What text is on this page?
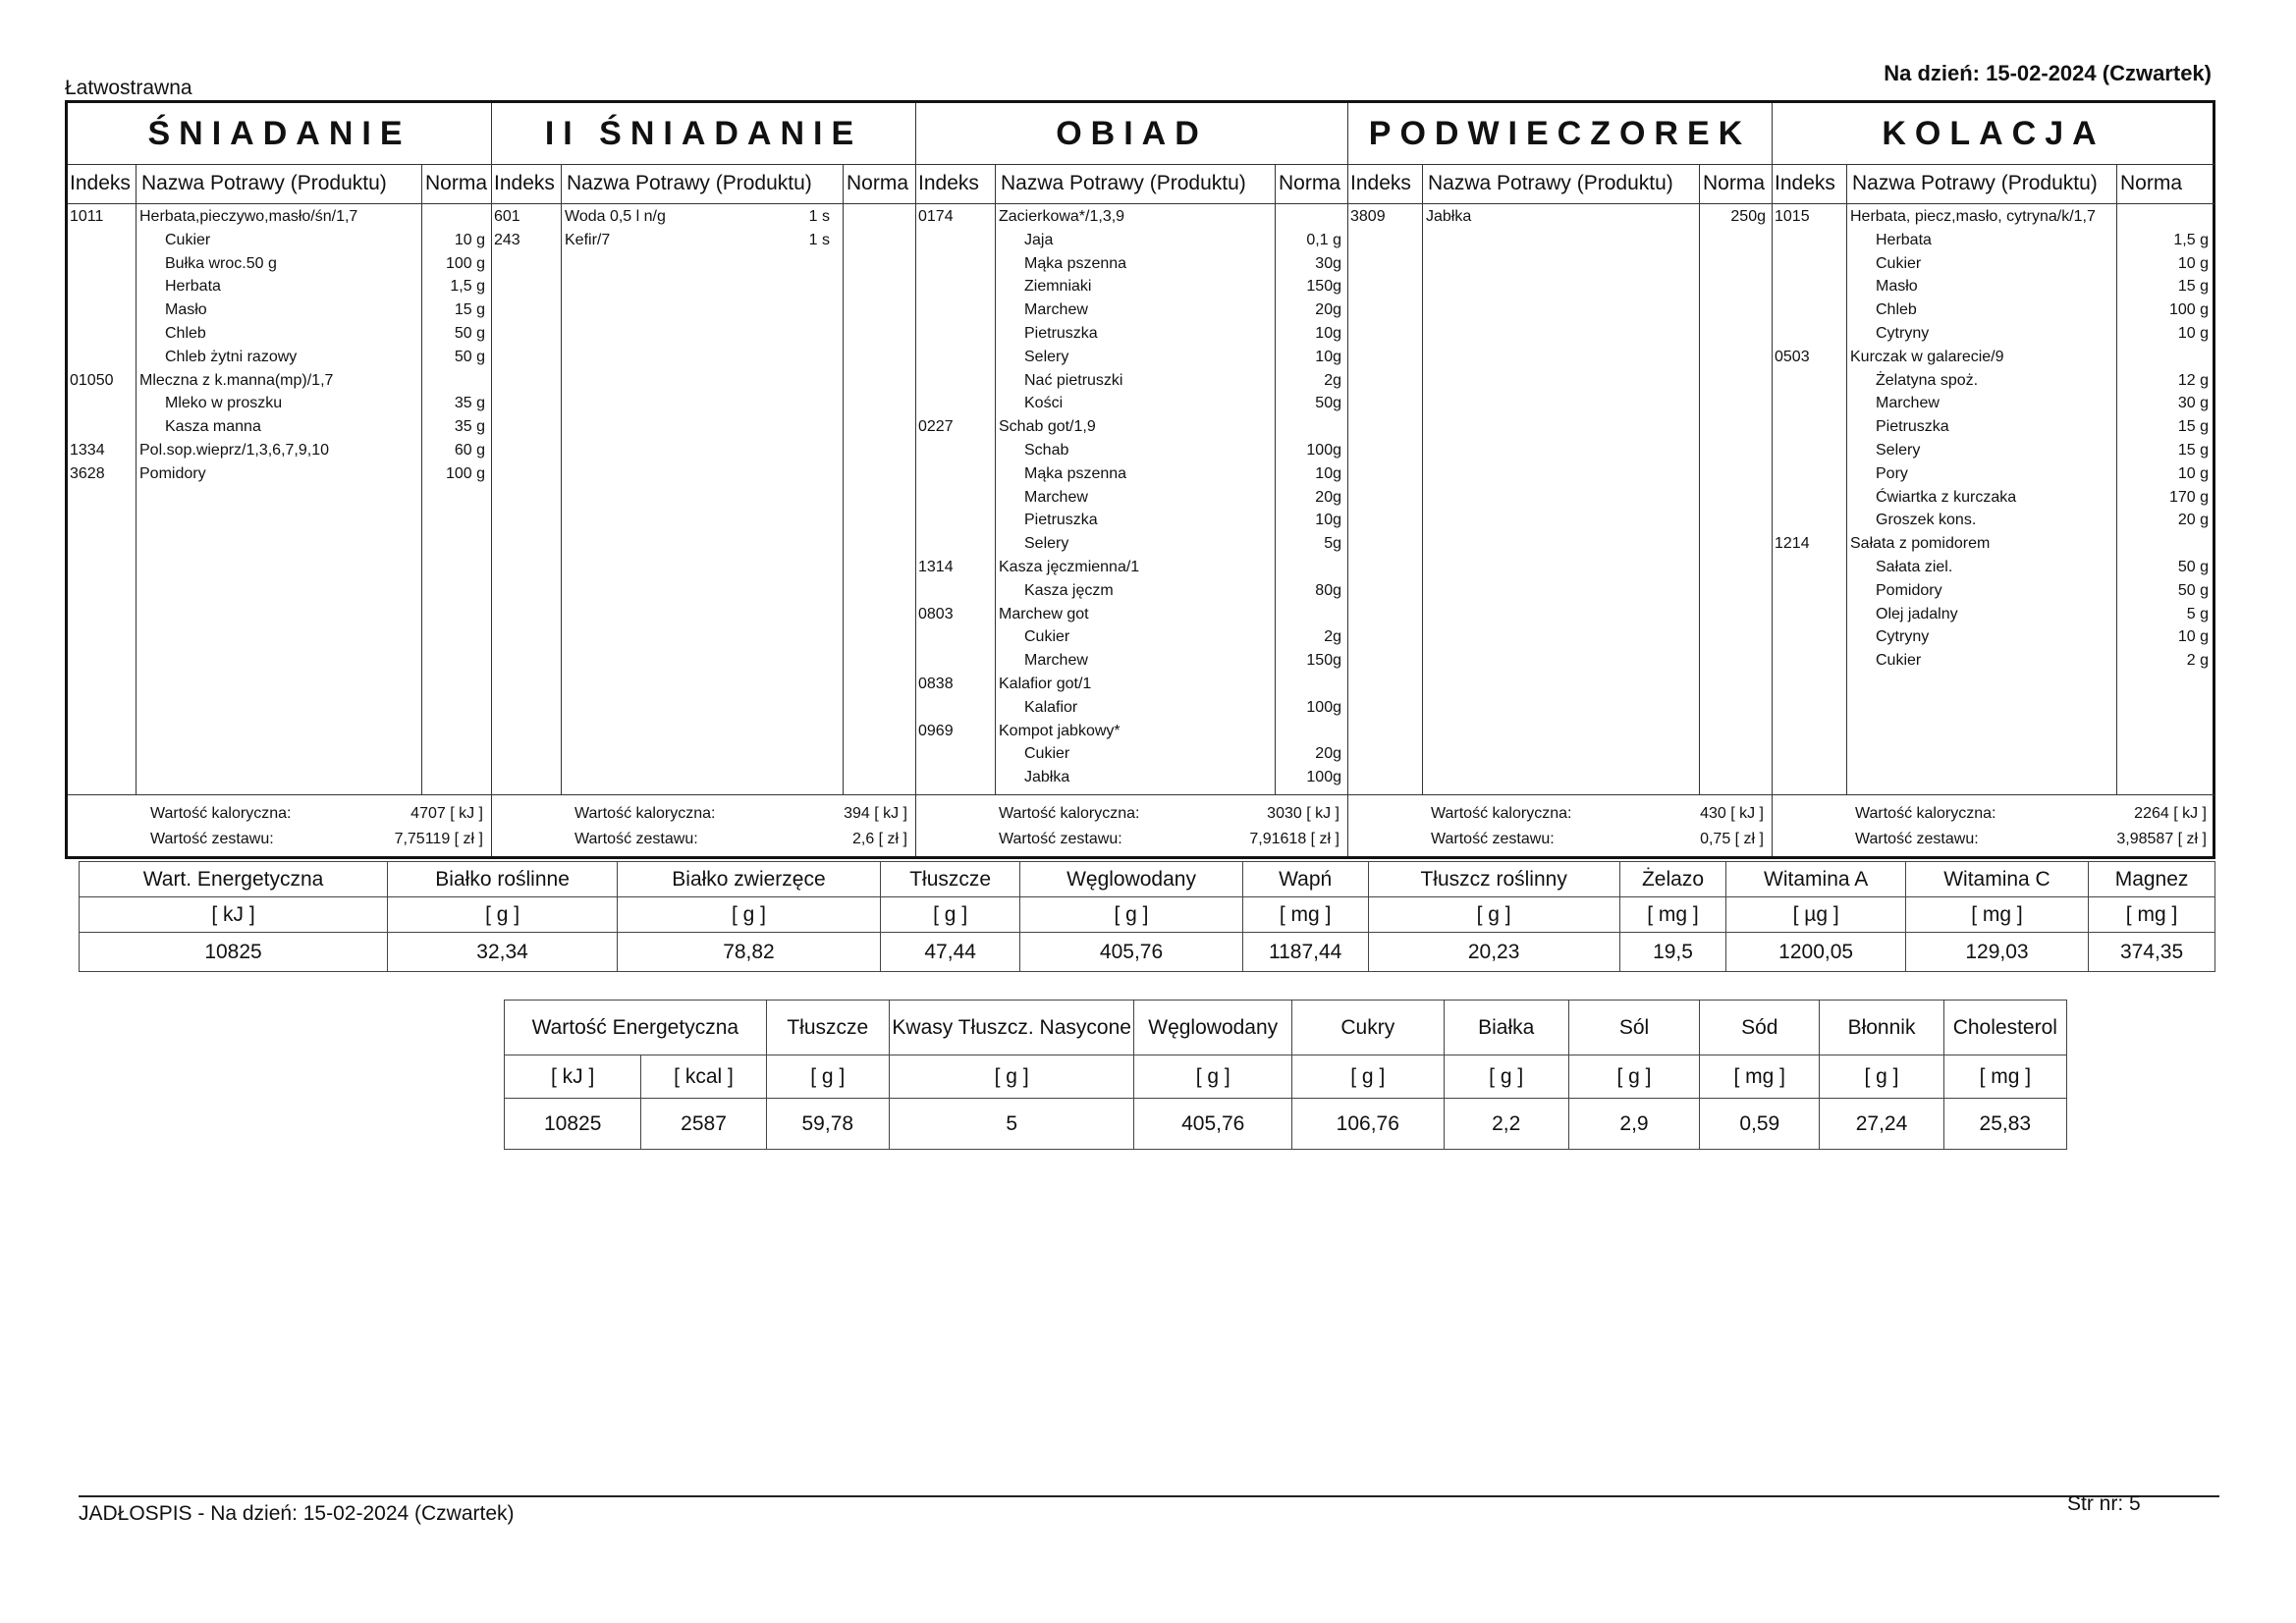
Łatwostrawna
Na dzień: 15-02-2024 (Czwartek)
ŚNIADANIE
Indeks Nazwa Potrawy (Produktu) Norma
1011 Herbata,pieczywo,masło/śn/1,7
Cukier	10 g
Bułka wroc.50 g	100 g
Herbata	1,5 g
Masło	15 g
Chleb	50 g
Chleb żytni razowy	50 g
01050 Mleczna z k.manna(mp)/1,7
Mleko w proszku	35 g
Kasza manna	35 g
1334 Pol.sop.wieprz/1,3,6,7,9,10	60 g
3628 Pomidory	100 g
Wartość kaloryczna:	4707 [ kJ ]
Wartość zestawu:	7,75119 [ zł ]
II ŚNIADANIE
Indeks Nazwa Potrawy (Produktu) Norma
601	Woda 0,5 l n/g	1 s
243	Kefir/7	1 s
Wartość kaloryczna:	394 [ kJ ]
Wartość zestawu:	2,6 [ zł ]
OBIAD
Indeks Nazwa Potrawy (Produktu) Norma
0174	Zacierkowa*/1,3,9
Jaja	0,1 g
Mąka pszenna	30g
Ziemniaki	150g
Marchew	20g
Pietruszka	10g
Selery	10g
Nać pietruszki	2g
Kości	50g
0227	Schab got/1,9
Schab	100g
Mąka pszenna	10g
Marchew	20g
Pietruszka	10g
Selery	5g
1314	Kasza jęczmienna/1
Kasza jęczm	80g
0803	Marchew got
Cukier	2g
Marchew	150g
0838	Kalafior got/1
Kalafior	100g
0969	Kompot jabkowy*
Cukier	20g
Jabłka	100g
Wartość kaloryczna:	3030 [ kJ ]
Wartość zestawu:	7,91618 [ zł ]
PODWIECZOREK
Indeks Nazwa Potrawy (Produktu) Norma
3809	Jabłka	250g
Wartość kaloryczna:	430 [ kJ ]
Wartość zestawu:	0,75 [ zł ]
KOLACJA
Indeks Nazwa Potrawy (Produktu) Norma
1015	Herbata, piecz,masło, cytryna/k/1,7
Herbata	1,5 g
Cukier	10 g
Masło	15 g
Chleb	100 g
Cytryny	10 g
0503	Kurczak w galarecie/9
Żelatyna spoż.	12 g
Marchew	30 g
Pietruszka	15 g
Selery	15 g
Pory	10 g
Ćwiartka z kurczaka	170 g
Groszek kons.	20 g
1214	Sałata z pomidorem
Sałata ziel.	50 g
Pomidory	50 g
Olej jadalny	5 g
Cytryny	10 g
Cukier	2 g
Wartość kaloryczna:	2264 [ kJ ]
Wartość zestawu:	3,98587 [ zł ]
Wart. Energetyczna	Białko roślinne	Białko zwierzęce	Tłuszcze	Węglowodany	Wapń	Tłuszcz roślinny	Żelazo	Witamina A	Witamina C	Magnez
[ kJ ]	[ g ]	[ g ]	[ g ]	[ g ]	[ mg ]	[ g ]	[ mg ]	[ µg ]	[ mg ]	[ mg ]
10825	32,34	78,82	47,44	405,76	1187,44	20,23	19,5	1200,05	129,03	374,35
Wartość Energetyczna		Tłuszcze	Kwasy Tłuszcz. Nasycone	Węglowodany	Cukry	Białka	Sól	Sód	Błonnik	Cholesterol
[ kJ ]	[ kcal ]	[ g ]	[ g ]	[ g ]	[ g ]	[ g ]	[ g ]	[ mg ]	[ g ]	[ mg ]
10825	2587	59,78	5	405,76	106,76	2,2	2,9	0,59	27,24	25,83
JADŁOSPIS - Na dzień: 15-02-2024 (Czwartek)	Str nr: 5
